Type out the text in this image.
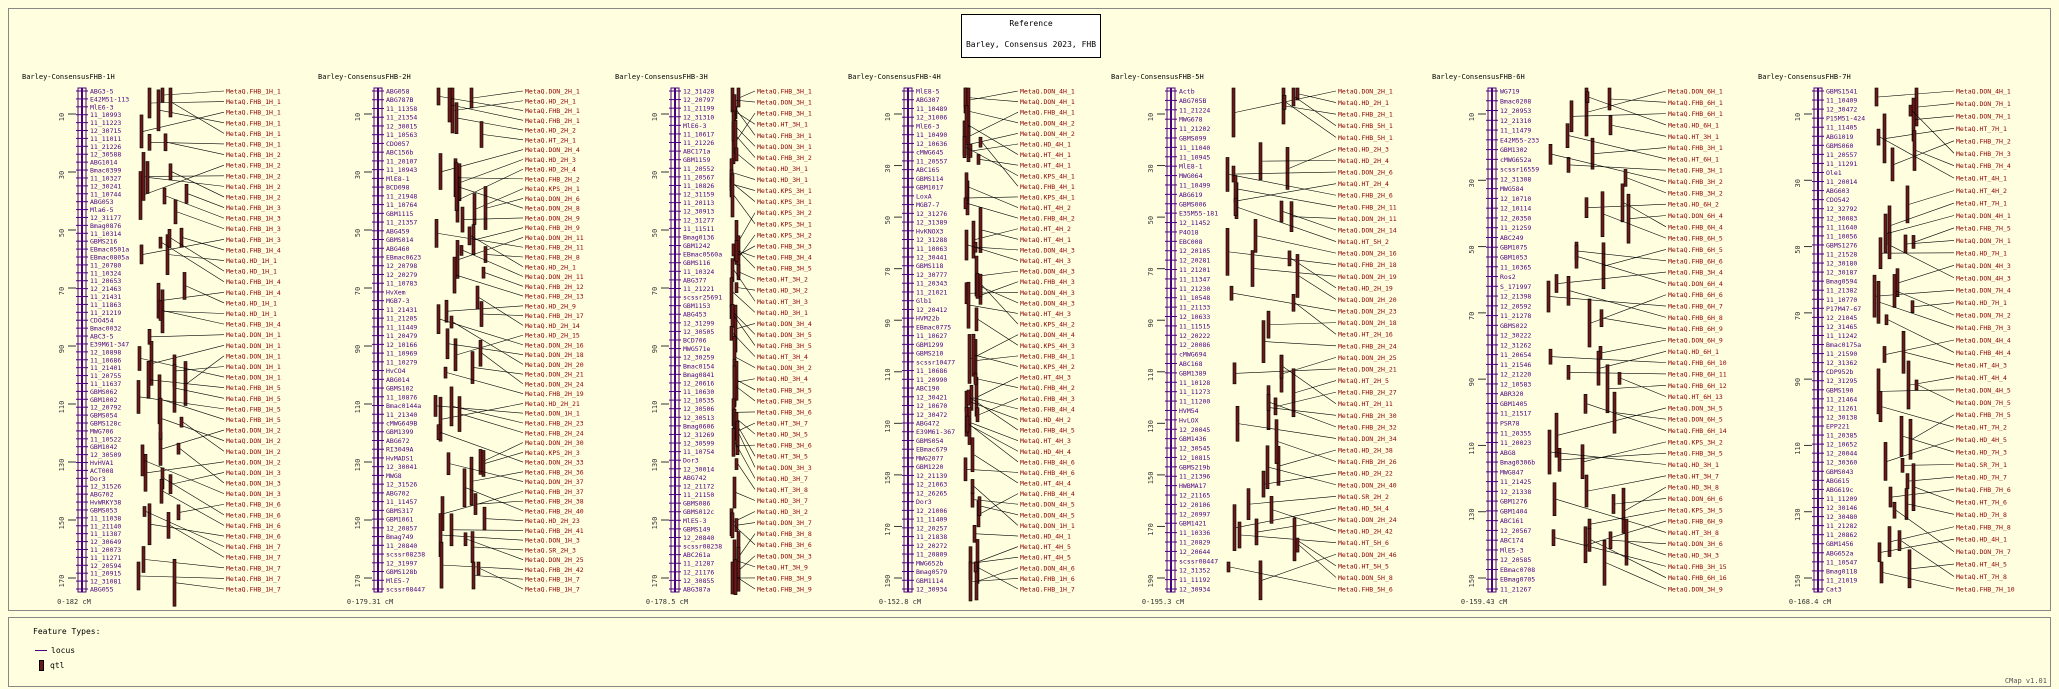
Reference
Barley, Consensus 2023, FHB
Barley-ConsensusFHB-1H
10
30
50
70
90
110
130
150
170
0-182 cM
ABG3-5
E42M51-113
MlE6-3
11_10993
11_11223
12_30715
11_11011
11_21226
12_30588
ABG1014
Bmac0399
11_10327
12_30241
11_10744
ABG053
Mla6-5
12_31177
Bmag0876
11_10314
GBMS216
EBmac0501a
EBmac0805a
11_20780
11_10324
11_20653
12_21463
11_21431
11_11863
11_21219
CDO454
Bmac0032
ABC3-5
E39M61-347
12_10898
11_10686
11_21401
11_20755
11_11637
GBMS062
GBM1002
12_20792
GBMS054
GBMS128c
MWG706
11_10522
GBM1042
12_30509
HvHVA1
ACT008
Dor3
12_31526
ABG702
HvWRKY38
GBMS053
11_11038
11_21140
11_11387
12_30649
11_20073
11_11271
12_20594
11_20915
12_31081
ABG055
MetaQ.FHB_1H_1
MetaQ.FHB_1H_1
MetaQ.FHB_1H_1
MetaQ.FHB_1H_1
MetaQ.FHB_1H_1
MetaQ.FHB_1H_1
MetaQ.FHB_1H_2
MetaQ.FHB_1H_2
MetaQ.FHB_1H_2
MetaQ.FHB_1H_2
MetaQ.FHB_1H_2
MetaQ.FHB_1H_3
MetaQ.FHB_1H_3
MetaQ.FHB_1H_3
MetaQ.FHB_1H_3
MetaQ.FHB_1H_4
MetaQ.HD_1H_1
MetaQ.HD_1H_1
MetaQ.FHB_1H_4
MetaQ.FHB_1H_4
MetaQ.HD_1H_1
MetaQ.HD_1H_1
MetaQ.FHB_1H_4
MetaQ.DON_1H_1
MetaQ.DON_1H_1
MetaQ.DON_1H_1
MetaQ.DON_1H_1
MetaQ.DON_1H_1
MetaQ.FHB_1H_5
MetaQ.FHB_1H_5
MetaQ.FHB_1H_5
MetaQ.FHB_1H_5
MetaQ.DON_1H_2
MetaQ.DON_1H_2
MetaQ.DON_1H_2
MetaQ.DON_1H_2
MetaQ.DON_1H_3
MetaQ.DON_1H_3
MetaQ.DON_1H_3
MetaQ.FHB_1H_6
MetaQ.FHB_1H_6
MetaQ.FHB_1H_6
MetaQ.FHB_1H_6
MetaQ.FHB_1H_7
MetaQ.FHB_1H_7
MetaQ.FHB_1H_7
MetaQ.FHB_1H_7
MetaQ.FHB_1H_7
Barley-ConsensusFHB-2H
10
30
50
70
90
110
130
150
170
0-179.31 cM
ABG058
ABG787B
11_11358
11_21354
12_30015
11_10563
CDO057
ABC156b
11_20107
11_10943
MlE8-1
BCD098
11_21948
11_10764
GBM1115
11_21357
ABG459
GBMS014
ABG460
EBmac0623
12_20798
12_20279
11_10783
HvXem
MGB7-3
11_21431
11_21205
11_11449
11_20479
12_10166
11_10969
11_10279
HvCO4
ABG014
GBMS102
11_10876
Bmac0144a
11_21340
cMWG649B
GBM1399
ABG672
RI3049A
HvMADS1
12_30041
MWG8
12_31526
ABG702
11_11457
GBMS317
GBM1061
12_20857
Bmag749
11_20840
scssr08238
12_31997
GBMS128b
MlE5-7
scssr08447
MetaQ.DON_2H_1
MetaQ.HD_2H_1
MetaQ.FHB_2H_1
MetaQ.FHB_2H_1
MetaQ.HD_2H_2
MetaQ.HT_2H_1
MetaQ.DON_2H_4
MetaQ.HD_2H_3
MetaQ.HD_2H_4
MetaQ.FHB_2H_2
MetaQ.KPS_2H_1
MetaQ.DON_2H_6
MetaQ.DON_2H_8
MetaQ.DON_2H_9
MetaQ.FHB_2H_9
MetaQ.DON_2H_11
MetaQ.FHB_2H_11
MetaQ.FHB_2H_8
MetaQ.HD_2H_1
MetaQ.DON_2H_11
MetaQ.FHB_2H_12
MetaQ.FHB_2H_13
MetaQ.HD_2H_9
MetaQ.FHB_2H_17
MetaQ.HD_2H_14
MetaQ.HD_2H_15
MetaQ.DON_2H_16
MetaQ.DON_2H_18
MetaQ.DON_2H_20
MetaQ.DON_2H_21
MetaQ.DON_2H_24
MetaQ.FHB_2H_19
MetaQ.HD_2H_21
MetaQ.DON_1H_1
MetaQ.FHB_2H_23
MetaQ.FHB_2H_24
MetaQ.DON_2H_30
MetaQ.KPS_2H_3
MetaQ.DON_2H_33
MetaQ.FHB_2H_36
MetaQ.DON_2H_37
MetaQ.FHB_2H_37
MetaQ.FHB_2H_38
MetaQ.FHB_2H_40
MetaQ.HD_2H_23
MetaQ.FHB_2H_41
MetaQ.DON_1H_3
MetaQ.SR_2H_3
MetaQ.DON_2H_25
MetaQ.FHB_2H_42
MetaQ.FHB_1H_7
MetaQ.FHB_1H_7
Barley-ConsensusFHB-3H
10
30
50
70
90
110
130
150
170
0-178.5 cM
12_31428
12_20797
11_21199
12_31310
MlE6-3
11_10617
11_21226
ABC171a
GBM1159
11_20552
11_20567
11_10826
12_31159
11_20113
12_30913
12_31277
11_11511
Bmag0136
GBM1242
EBmac0560a
GBMS116
11_10324
ABG377
11_21221
scssr25691
GBM1153
ABG453
12_31299
12_30505
BCD706
MWG571e
12_30259
Bmac0154
Bmag0841
12_20616
11_10630
12_10535
12_30506
12_30513
Bmag0606
12_31269
12_30599
11_10754
Dor3
12_30014
ABG742
12_21172
11_21150
GBMS086
GBMS012c
MlE5-3
GBMS149
12_20840
scssr08238
ABC261a
11_21287
12_21176
12_30855
ABG387a
MetaQ.FHB_3H_1
MetaQ.DON_3H_1
MetaQ.FHB_3H_1
MetaQ.HT_3H_1
MetaQ.FHB_3H_1
MetaQ.DON_3H_1
MetaQ.FHB_3H_2
MetaQ.HD_3H_1
MetaQ.HD_3H_1
MetaQ.KPS_3H_1
MetaQ.KPS_3H_1
MetaQ.KPS_3H_2
MetaQ.KPS_3H_1
MetaQ.KPS_3H_2
MetaQ.FHB_3H_3
MetaQ.FHB_3H_4
MetaQ.FHB_3H_5
MetaQ.HT_3H_2
MetaQ.HD_3H_2
MetaQ.HT_3H_3
MetaQ.HD_3H_1
MetaQ.DON_3H_4
MetaQ.DON_3H_5
MetaQ.FHB_3H_5
MetaQ.HT_3H_4
MetaQ.DON_3H_2
MetaQ.HD_3H_4
MetaQ.FHB_3H_5
MetaQ.FHB_3H_5
MetaQ.FHB_3H_6
MetaQ.HT_3H_7
MetaQ.HD_3H_5
MetaQ.FHB_3H_6
MetaQ.HT_3H_5
MetaQ.DON_3H_3
MetaQ.HD_3H_7
MetaQ.HT_3H_8
MetaQ.HD_3H_7
MetaQ.HD_3H_2
MetaQ.DON_3H_7
MetaQ.FHB_3H_8
MetaQ.FHB_3H_6
MetaQ.DON_3H_3
MetaQ.HT_3H_9
MetaQ.FHB_3H_9
MetaQ.FHB_3H_9
Barley-ConsensusFHB-4H
10
30
50
70
90
110
130
150
170
190
0-152.8 cM
MlE8-5
ABG307
11_10489
12_31006
MlE6-3
11_10490
12_10636
cMWG645
11_20557
ABC165
GBMS114
GBM1017
LoxA
MGB7-7
12_31276
12_31389
HvKNOX3
12_31288
11_10063
12_30441
GBMS118
12_30777
11_20343
11_21021
Glb1
12_20412
HVM22b
EBmac0775
11_10627
GBM1299
GBMS210
scssr10477
11_10686
11_20990
ABC190
12_30421
12_10670
12_30472
ABG472
E39M61-367
GBMS054
EBmac679
MWG2077
GBM1220
12_21139
12_21063
12_26265
Dor3
12_21006
11_11409
12_20257
11_21838
12_20272
11_20809
MWG652b
Bmag0579
GBM1114
12_30934
MetaQ.DON_4H_1
MetaQ.DON_4H_1
MetaQ.FHB_4H_1
MetaQ.DON_4H_2
MetaQ.DON_4H_2
MetaQ.HD_4H_1
MetaQ.HT_4H_1
MetaQ.HT_4H_1
MetaQ.KPS_4H_1
MetaQ.FHB_4H_1
MetaQ.KPS_4H_1
MetaQ.HT_4H_2
MetaQ.FHB_4H_2
MetaQ.HT_4H_2
MetaQ.HT_4H_1
MetaQ.DON_4H_3
MetaQ.HT_4H_3
MetaQ.DON_4H_3
MetaQ.FHB_4H_3
MetaQ.DON_4H_3
MetaQ.DON_4H_3
MetaQ.HT_4H_3
MetaQ.KPS_4H_2
MetaQ.DON_4H_4
MetaQ.KPS_4H_3
MetaQ.FHB_4H_1
MetaQ.KPS_4H_2
MetaQ.HT_4H_3
MetaQ.FHB_4H_2
MetaQ.FHB_4H_3
MetaQ.FHB_4H_4
MetaQ.HD_4H_2
MetaQ.FHB_4H_5
MetaQ.HT_4H_3
MetaQ.HD_4H_4
MetaQ.FHB_4H_6
MetaQ.FHB_4H_6
MetaQ.HT_4H_4
MetaQ.FHB_4H_4
MetaQ.DON_4H_5
MetaQ.DON_4H_5
MetaQ.DON_1H_1
MetaQ.HD_4H_1
MetaQ.HT_4H_5
MetaQ.HT_4H_5
MetaQ.DON_4H_6
MetaQ.FHB_1H_6
MetaQ.FHB_1H_7
Barley-ConsensusFHB-5H
10
30
50
70
90
110
130
150
170
190
0-195.3 cM
Actb
ABG705B
11_21224
MWG678
11_21202
GBMS099
11_11040
11_10945
MlE8-1
MWG064
11_10499
ABG619
GBMS006
E35M55-181
12_11452
P4O18
EBC008
12_20105
12_20281
11_21201
11_11347
11_21230
11_10548
11_21133
12_10633
11_11515
12_20222
12_20086
cMWG694
ABC168
GBM1389
11_10128
11_11273
11_11200
HVM54
HvLOX
12_20045
GBM1436
12_30545
12_10815
GBMS219b
11_21396
HWBMA17
12_21165
12_20106
12_20997
GBM1421
11_10336
11_20829
12_20644
scssr08447
12_31352
11_11192
12_30934
MetaQ.DON_2H_1
MetaQ.HD_2H_1
MetaQ.FHB_2H_1
MetaQ.FHB_5H_1
MetaQ.FHB_5H_1
MetaQ.HD_2H_3
MetaQ.HD_2H_4
MetaQ.DON_2H_6
MetaQ.HT_2H_4
MetaQ.FHB_2H_6
MetaQ.FHB_2H_11
MetaQ.DON_2H_11
MetaQ.DON_2H_14
MetaQ.HT_5H_2
MetaQ.DON_2H_16
MetaQ.FHB_2H_18
MetaQ.DON_2H_19
MetaQ.HD_2H_19
MetaQ.DON_2H_20
MetaQ.DON_2H_23
MetaQ.DON_2H_18
MetaQ.HT_2H_16
MetaQ.FHB_2H_24
MetaQ.DON_2H_25
MetaQ.DON_2H_21
MetaQ.HT_2H_5
MetaQ.FHB_2H_27
MetaQ.HT_2H_11
MetaQ.FHB_2H_30
MetaQ.FHB_2H_32
MetaQ.DON_2H_34
MetaQ.HD_2H_38
MetaQ.FHB_2H_26
MetaQ.HD_2H_22
MetaQ.DON_2H_40
MetaQ.SR_2H_2
MetaQ.HD_5H_4
MetaQ.DON_2H_24
MetaQ.HD_2H_42
MetaQ.HT_5H_6
MetaQ.DON_2H_46
MetaQ.HT_5H_5
MetaQ.DON_5H_8
MetaQ.FHB_5H_6
Barley-ConsensusFHB-6H
10
30
50
70
90
110
130
150
0-159.43 cM
WG719
Bmac0208
12_20953
12_21310
11_11479
E42M55-233
GBM1302
cMWG652a
scssr16559
12_31308
MWG584
12_10710
12_10114
12_20350
11_21259
ABC249
GBM1075
GBM1053
11_10365
Ros2
S_171997
12_21398
12_20592
11_21278
GBMS022
12_30222
12_31262
11_20654
11_21546
12_21220
12_10583
ABR320
GBM1405
11_21517
PSR78
11_20355
11_20023
ABG8
Bmag0306b
MWG847
11_21425
12_21338
GBM1276
GBM1404
ABC161
12_20567
ABC174
MlE5-3
12_20585
EBmac0708
EBmag0705
11_21267
MetaQ.DON_6H_1
MetaQ.FHB_6H_1
MetaQ.FHB_6H_1
MetaQ.HD_6H_1
MetaQ.HT_3H_1
MetaQ.FHB_3H_1
MetaQ.HT_6H_1
MetaQ.FHB_3H_1
MetaQ.FHB_3H_2
MetaQ.FHB_3H_2
MetaQ.HD_6H_2
MetaQ.DON_6H_4
MetaQ.FHB_6H_4
MetaQ.FHB_6H_5
MetaQ.FHB_6H_5
MetaQ.FHB_6H_6
MetaQ.FHB_3H_4
MetaQ.DON_6H_4
MetaQ.FHB_6H_6
MetaQ.FHB_6H_7
MetaQ.FHB_6H_8
MetaQ.FHB_6H_9
MetaQ.DON_6H_9
MetaQ.HD_6H_1
MetaQ.FHB_6H_10
MetaQ.FHB_6H_11
MetaQ.FHB_6H_12
MetaQ.HT_6H_13
MetaQ.DON_3H_5
MetaQ.DON_6H_5
MetaQ.FHB_6H_14
MetaQ.KPS_3H_2
MetaQ.FHB_3H_5
MetaQ.HD_3H_1
MetaQ.HT_3H_7
MetaQ.HD_3H_8
MetaQ.DON_6H_6
MetaQ.KPS_3H_5
MetaQ.FHB_6H_9
MetaQ.HT_3H_8
MetaQ.DON_3H_6
MetaQ.HD_3H_3
MetaQ.FHB_3H_15
MetaQ.FHB_6H_16
MetaQ.DON_3H_9
Barley-ConsensusFHB-7H
10
30
50
70
90
110
130
150
0-168.4 cM
GBMS1541
11_10409
12_30472
P15M51-424
11_11405
ABG1019
GBMS060
11_20557
11_11291
Ole1
11_20014
ABG603
CDO542
12_32792
12_30083
11_11640
11_10056
GBMS1276
11_21528
12_30180
12_30187
Bmag0594
11_21382
11_10770
P17M47-67
12_21045
12_31465
11_11242
Bmac0175a
11_21590
12_31362
CDP952b
12_31295
GBMS190
11_21464
12_11261
12_30138
EPP221
11_20385
12_10652
12_20044
12_30360
GBMS043
ABG615
ABG619c
11_11209
12_30146
12_30480
11_21282
11_20862
GBM1456
ABG652a
11_10547
Bmag0118
11_21019
Cat3
MetaQ.DON_4H_1
MetaQ.DON_7H_1
MetaQ.DON_7H_1
MetaQ.HT_7H_1
MetaQ.FHB_7H_2
MetaQ.FHB_7H_3
MetaQ.FHB_7H_4
MetaQ.HT_4H_1
MetaQ.HT_4H_2
MetaQ.HT_7H_1
MetaQ.DON_4H_1
MetaQ.FHB_7H_5
MetaQ.DON_7H_1
MetaQ.HD_7H_1
MetaQ.DON_4H_3
MetaQ.DON_4H_3
MetaQ.DON_7H_4
MetaQ.HD_7H_1
MetaQ.DON_7H_2
MetaQ.FHB_7H_3
MetaQ.DON_4H_4
MetaQ.FHB_4H_4
MetaQ.HT_4H_3
MetaQ.HT_4H_4
MetaQ.DON_4H_5
MetaQ.DON_7H_5
MetaQ.FHB_7H_5
MetaQ.HT_7H_2
MetaQ.HD_4H_5
MetaQ.HD_7H_3
MetaQ.SR_7H_1
MetaQ.HD_7H_7
MetaQ.FHB_7H_6
MetaQ.HT_7H_6
MetaQ.HD_7H_8
MetaQ.FHB_7H_8
MetaQ.HD_4H_1
MetaQ.DON_7H_7
MetaQ.HT_4H_5
MetaQ.HT_7H_8
MetaQ.FHB_7H_10
Feature Types:
locus
qtl
CMap v1.01
